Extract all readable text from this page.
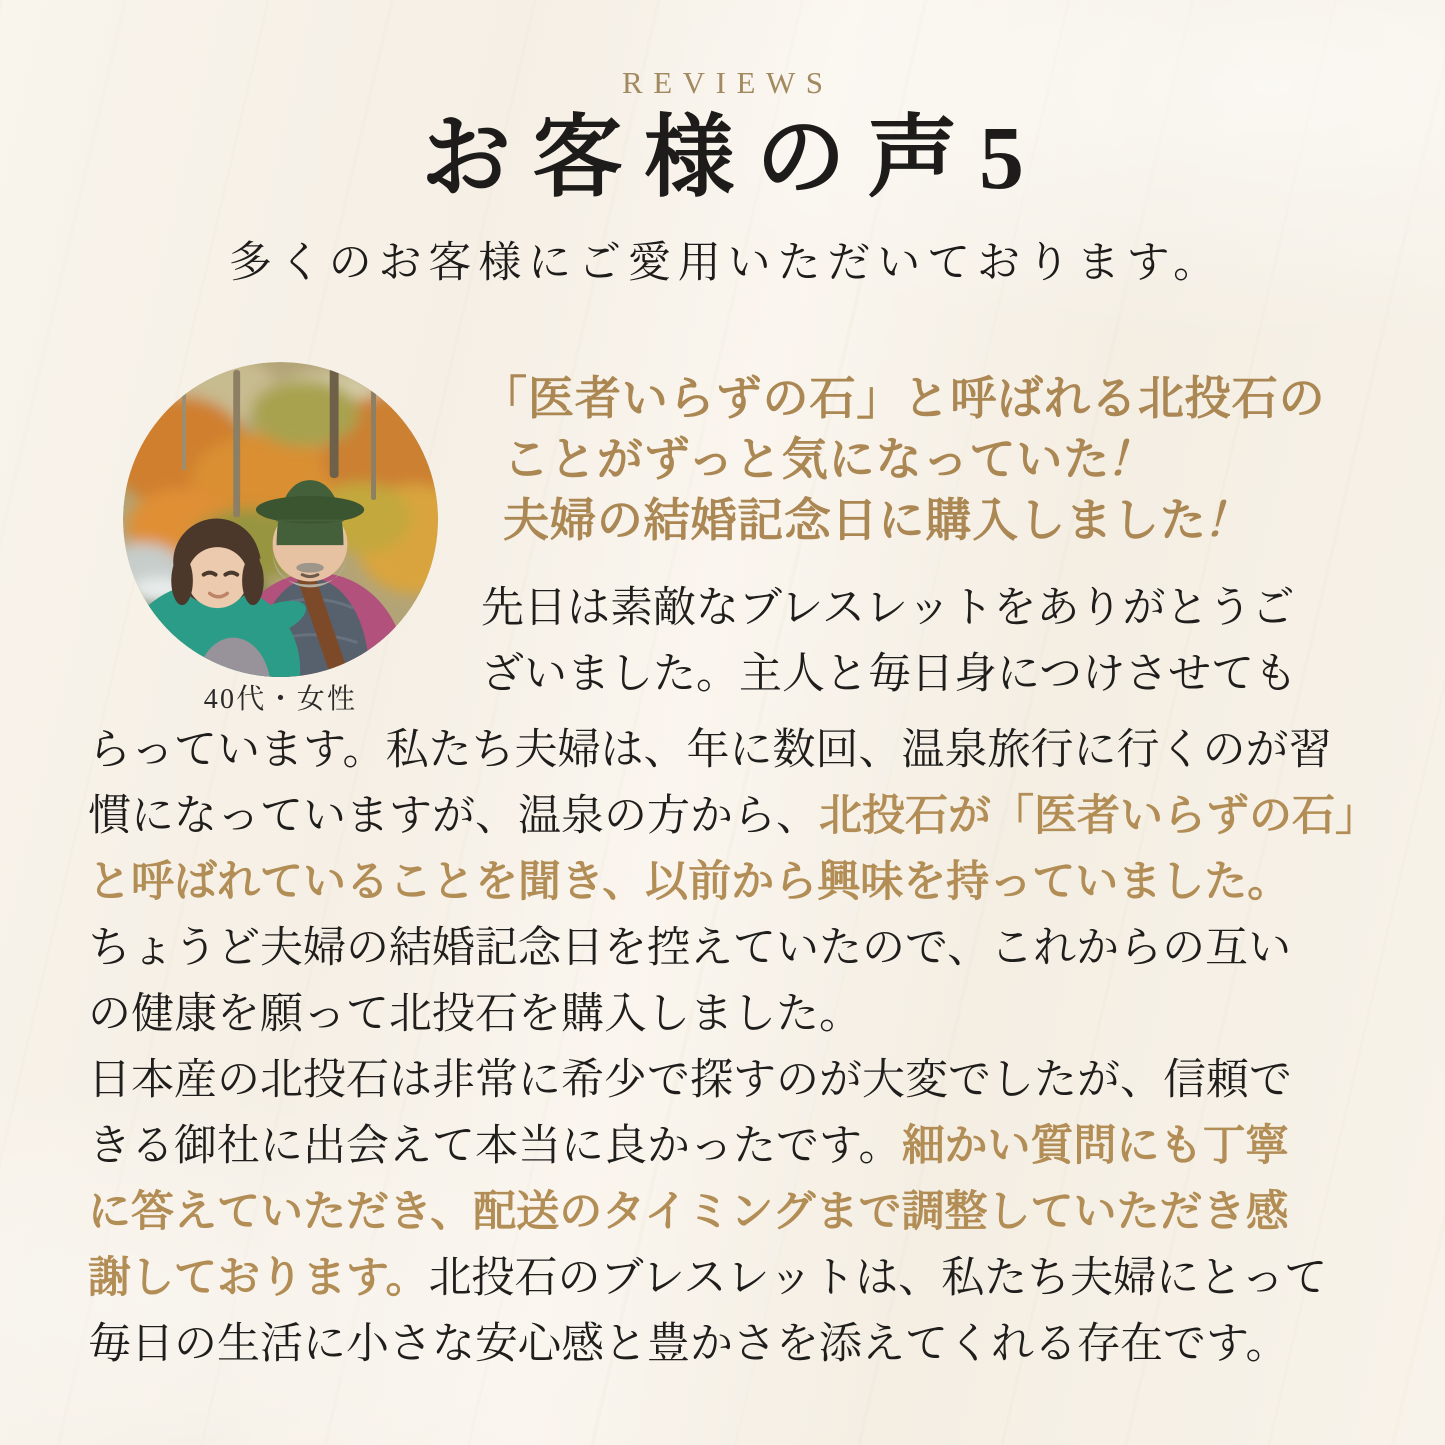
REVIEWS
お客様の声5
多くのお客様にご愛用いただいております。
40代・女性
「医者いらずの石」と呼ばれる北投石の
ことがずっと気になっていた！
夫婦の結婚記念日に購入しました！
先日は素敵なブレスレットをありがとうご
ざいました。主人と毎日身につけさせても
らっています。私たち夫婦は、年に数回、温泉旅行に行くのが習
慣になっていますが、温泉の方から、北投石が「医者いらずの石」
と呼ばれていることを聞き、以前から興味を持っていました。
ちょうど夫婦の結婚記念日を控えていたので、これからの互い
の健康を願って北投石を購入しました。
日本産の北投石は非常に希少で探すのが大変でしたが、信頼で
きる御社に出会えて本当に良かったです。細かい質問にも丁寧
に答えていただき、配送のタイミングまで調整していただき感
謝しております。北投石のブレスレットは、私たち夫婦にとって
毎日の生活に小さな安心感と豊かさを添えてくれる存在です。
